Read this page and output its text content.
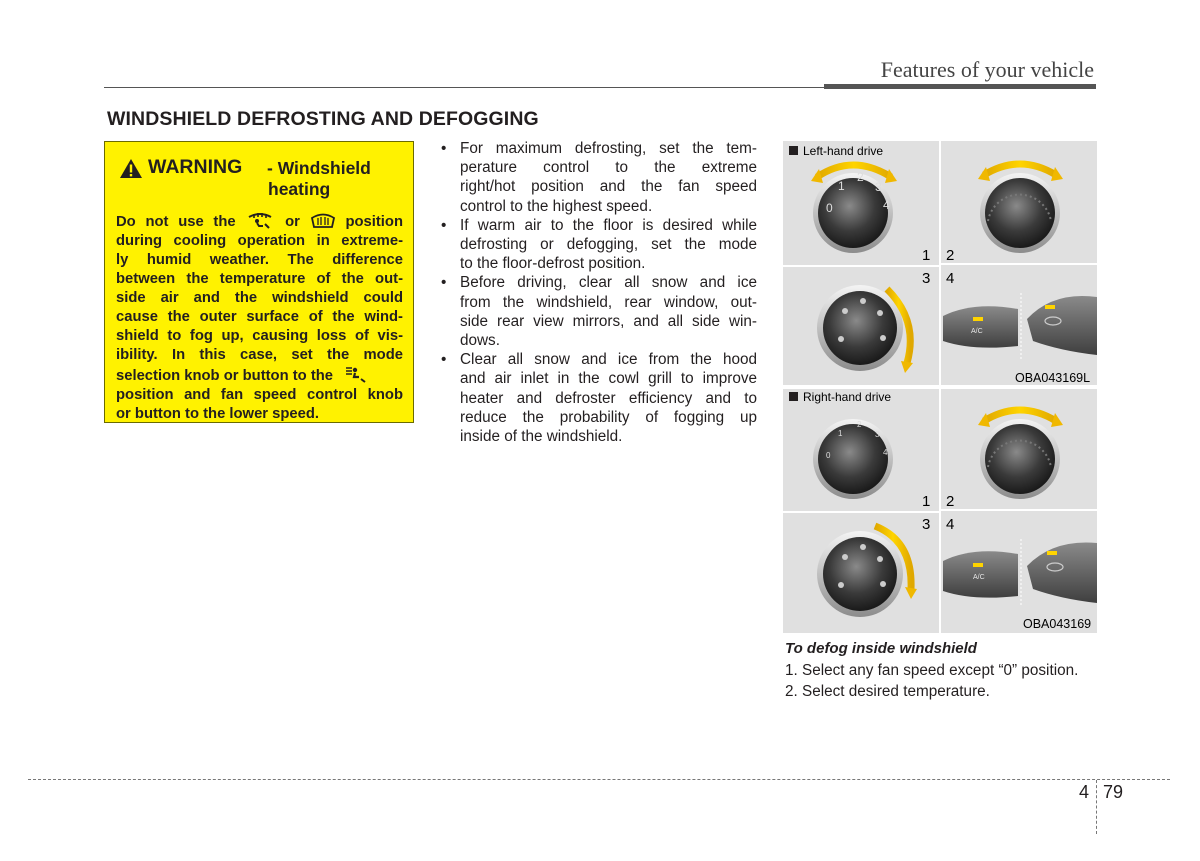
Features of your vehicle
WINDSHIELD DEFROSTING AND DEFOGGING
WARNING - Windshield
heating

Do not use the	or	position

during cooling operation in extreme-

ly humid weather. The difference

between the temperature of the out-

side air and the windshield could

cause the outer surface of the wind-

shield to fog up, causing loss of vis-

ibility. In this case, set the mode

selection knob or button to the

position and fan speed control knob

or button to the lower speed.

• For maximum defrosting, set the tem-
perature control to the extreme
right/hot position and the fan speed
control to the highest speed.
• If warm air to the floor is desired while
defrosting or defogging, set the mode
to the floor-defrost position.
• Before driving, clear all snow and ice
from the windshield, rear window, out-
side rear view mirrors, and all side win-
dows.
• Clear all snow and ice from the hood
and air inlet in the cowl grill to improve
heater and defroster efficiency and to
reduce the probability of fogging up
inside of the windshield.
0
1
2
3
4
1 2
3 4
A/C
OBA043169L
Left-hand drive
Right-hand drive
0
1
2
3
4
1 2
3 4
A/C
OBA043169
To defog inside windshield
1. Select any fan speed except “0” position.
2. Select desired temperature.
4 79
